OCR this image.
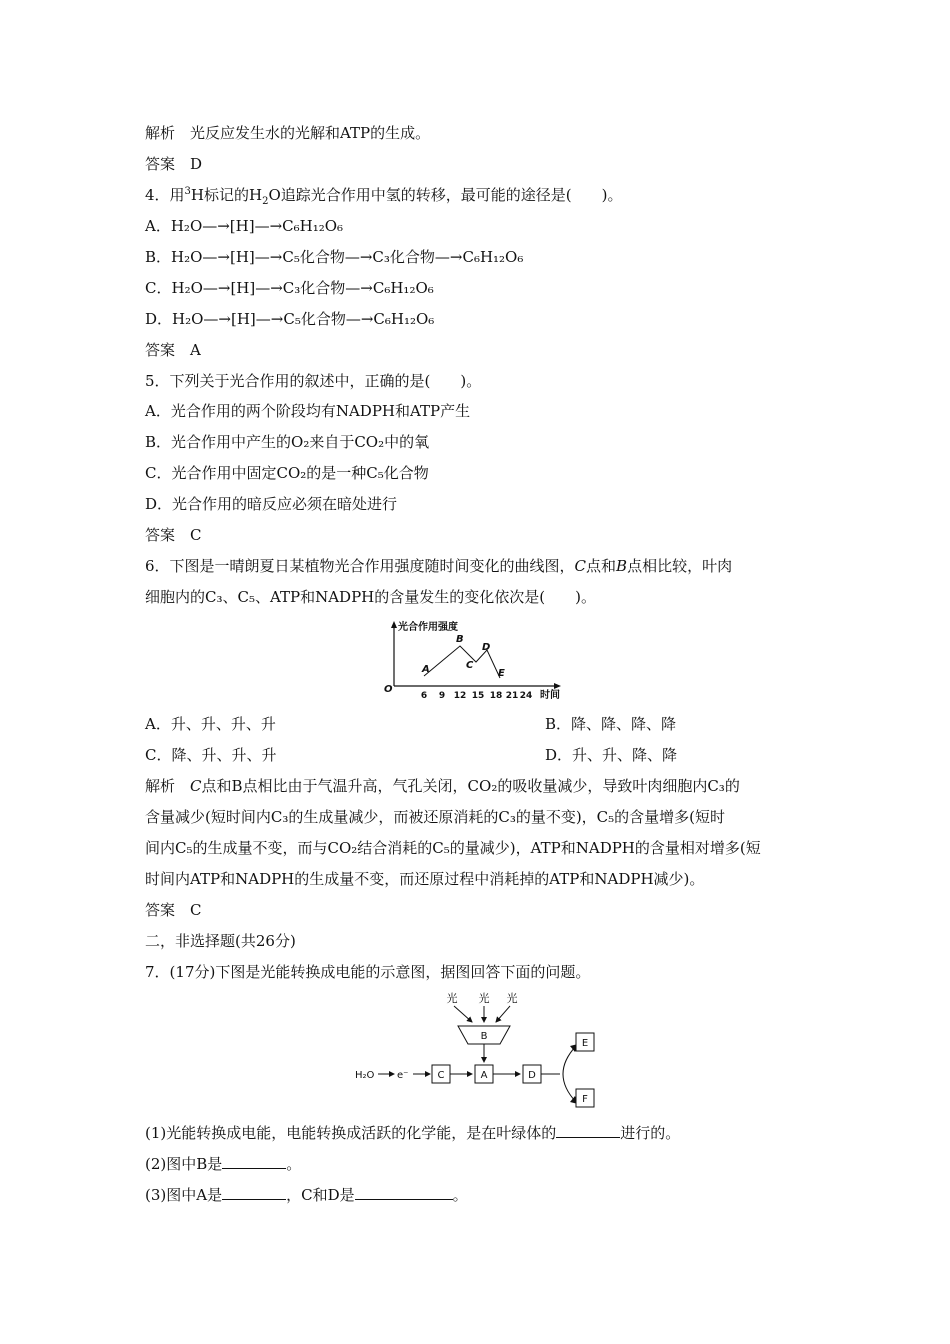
解析　 光反应发生水的光解和ATP的生成。
答案　 D
4．用$^3$H标记的$H_2O$追踪光合作用中氢的转移，最可能的途径是(　　)。
A．H₂O—→[H]—→C₆H₁₂O₆
B．H₂O—→[H]—→C₅化合物—→C₃化合物—→C₆H₁₂O₆
C．H₂O—→[H]—→C₃化合物—→C₆H₁₂O₆
D．H₂O—→[H]—→C₅化合物—→C₆H₁₂O₆
答案　 A
5．下列关于光合作用的叙述中，正确的是(　　)。
A．光合作用的两个阶段均有NADPH和ATP产生
B．光合作用中产生的O₂来自于CO₂中的氧
C．光合作用中固定CO₂的是一种C₅化合物
D．光合作用的暗反应必须在暗处进行
答案　 C
6．下图是一晴朗夏日某植物光合作用强度随时间变化的曲线图，C点和B点相比较，叶肉
细胞内的C₃、C₅、ATP和NADPH的含量发生的变化依次是(　　)。
光合作用强度
时间
O
6 9 12 15 18 21 24
A
B
C
D
E
A．升、升、升、升	B．降、降、降、降
C．降、升、升、升	D．升、升、降、降
解析　 C点和B点相比由于气温升高，气孔关闭，CO₂的吸收量减少，导致叶肉细胞内C₃的
含量减少(短时间内C₃的生成量减少，而被还原消耗的C₃的量不变)，C₅的含量增多(短时
间内C₅的生成量不变，而与CO₂结合消耗的C₅的量减少)，ATP和NADPH的含量相对增多(短
时间内ATP和NADPH的生成量不变，而还原过程中消耗掉的ATP和NADPH减少)。
答案　 C
二，非选择题(共26分)
7．(17分)下图是光能转换成电能的示意图，据图回答下面的问题。
光 光 光
B
H₂O e⁻	C	A	D
E
F
(1)光能转换成电能，电能转换成活跃的化学能，是在叶绿体的	进行的。
(2)图中B是	。
(3)图中A是	，C和D是	。
